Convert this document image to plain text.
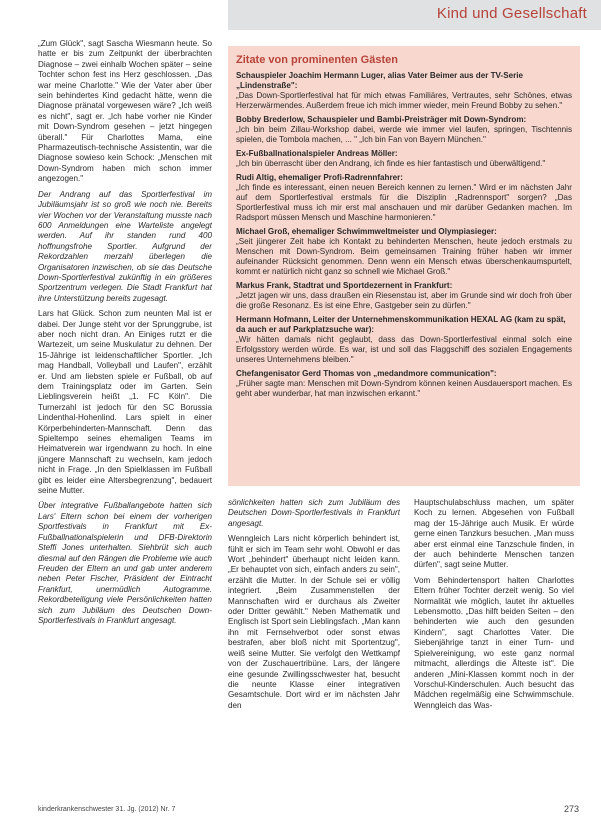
Kind und Gesellschaft

„Zum Glück", sagt Sascha Wiesmann heute. So hatte er bis zum Zeitpunkt der überbrachten Diagnose – zwei einhalb Wochen später – seine Tochter schon fest ins Herz geschlossen. „Das war meine Charlotte." Wie der Vater aber über sein behindertes Kind gedacht hätte, wenn die Diagnose pränatal vorgewesen wäre? „Ich weiß es nicht", sagt er. „Ich habe vorher nie Kinder mit Down-Syndrom gesehen – jetzt hingegen überall." Für Charlottes Mama, eine Pharmazeutisch-technische Assistentin, war die Diagnose sowieso kein Schock: „Menschen mit Down-Syndrom haben mich schon immer angezogen."

Der Andrang auf das Sportlerfestival im Jubiläumsjahr ist so groß wie noch nie. Bereits vier Wochen vor der Veranstaltung musste nach 600 Anmeldungen eine Warteliste angelegt werden. Auf ihr standen rund 400 hoffnungsfrohe Sportler. Aufgrund der Rekordzahlen merzahl überlegen die Organisatoren inzwischen, ob sie das Deutsche Down-Sportlerfestival zukünftig in ein größeres Sportzentrum verlegen. Die Stadt Frankfurt hat ihre Unterstützung bereits zugesagt.

Lars hat Glück. Schon zum neunten Mal ist er dabei. Der Junge steht vor der Sprunggrube, ist aber noch nicht dran. An Einiges rutzt er die Wartezeit, um seine Muskulatur zu dehnen. Der 15-Jährige ist leidenschaftlicher Sportler. „Ich mag Handball, Volleyball und Laufen", erzählt er. Und am liebsten spiele er Fußball, ob auf dem Trainingsplatz oder im Garten. Sein Lieblingsverein heißt „1. FC Köln". Die Turnerzahl ist jedoch für den SC Borussia Lindenthal-Hohenlind. Lars spielt in einer Körperbehinderten-Mannschaft. Denn das Spieltempo seines ehemaligen Teams im Heimatverein war irgendwann zu hoch. In eine jüngere Mannschaft zu wechseln, kam jedoch nicht in Frage. „In den Spielklassen im Fußball gibt es leider eine Altersbegrenzung", bedauert seine Mutter.

Über integrative Fußballangebote hatten sich Lars' Eltern schon bei einem der vorherigen Sportfestivals in Frankfurt mit Ex-Fußballnationalspielerin und DFB-Direktorin Steffi Jones unterhalten. Siehbrüt sich auch diesmal auf den Rängen die Probleme wie auch Freuden der Eltern an und gab unter anderem neben Peter Fischer, Präsident der Eintracht Frankfurt, unermüdlich Autogramme. Rekordbeteiligung viele Persönlichkeiten hatten sich zum Jubiläum des Deutschen Down-Sportlerfestivals in Frankfurt angesagt.

Zitate von prominenten Gästen
Schauspieler Joachim Hermann Luger, alias Vater Beimer aus der TV-Serie „Lindenstraße":
„Das Down-Sportlerfestival hat für mich etwas Familiäres, Vertrautes, sehr Schönes, etwas Herzerwärmendes. Außerdem freue ich mich immer wieder, mein Freund Bobby zu sehen."
Bobby Brederlow, Schauspieler und Bambi-Preisträger mit Down-Syndrom:
„Ich bin beim Zillau-Workshop dabei, werde wie immer viel laufen, springen, Tischtennis spielen, die Tombola machen, ... " „Ich bin Fan von Bayern München."
Ex-Fußballnationalspieler Andreas Möller:
„Ich bin überrascht über den Andrang, ich finde es hier fantastisch und überwältigend."
Rudi Altig, ehemaliger Profi-Radrennfahrer:
„Ich finde es interessant, einen neuen Bereich kennen zu lernen." Wird er im nächsten Jahr auf dem Sportlerfestival erstmals für die Disziplin „Radrennsport" sorgen? „Das Sportlerfestival muss ich mir erst mal anschauen und mir darüber Gedanken machen. Im Radsport müssen Mensch und Maschine harmonieren."
Michael Groß, ehemaliger Schwimmweltmeister und Olympiasieger:
„Seit jüngerer Zeit habe ich Kontakt zu behinderten Menschen, heute jedoch erstmals zu Menschen mit Down-Syndrom. Beim gemeinsamen Training früher haben wir immer aufeinander Rücksicht genommen. Denn wenn ein Mensch etwas überschenkaumspurtelt, kommt er natürlich nicht ganz so schnell wie Michael Groß."
Markus Frank, Stadtrat und Sportdezernent in Frankfurt:
„Jetzt jagen wir uns, dass draußen ein Riesenstau ist, aber im Grunde sind wir doch froh über die große Resonanz. Es ist eine Ehre, Gastgeber sein zu dürfen."
Hermann Hofmann, Leiter der Unternehmenskommunikation HEXAL AG (kam zu spät, da auch er auf Parkplatzsuche war):
„Wir hätten damals nicht geglaubt, dass das Down-Sportlerfestival einmal solch eine Erfolgsstory werden würde. Es war, ist und soll das Flaggschiff des sozialen Engagements unseres Unternehmens bleiben."
Chefangenisator Gerd Thomas von „medandmore communication":
„Früher sagte man: Menschen mit Down-Syndrom können keinen Ausdauersport machen. Es geht aber wunderbar, hat man inzwischen erkannt."

sönlichkeiten hatten sich zum Jubiläum des Deutschen Down-Sportlerfestivals in Frankfurt angesagt.

Wenngleich Lars nicht körperlich behindert ist, fühlt er sich im Team sehr wohl. Obwohl er das Wort „behindert" überhaupt nicht leiden kann. „Er behauptet von sich, einfach anders zu sein", erzählt die Mutter. In der Schule sei er völlig integriert. „Beim Zusammenstellen der Mannschaften wird er durchaus als Zweiter oder Dritter gewählt." Neben Mathematik und Englisch ist Sport sein Lieblingsfach. „Man kann ihn mit Fernsehverbot oder sonst etwas bestrafen, aber bloß nicht mit Sportentzug", weiß seine Mutter. Sie verfolgt den Wettkampf von der Zuschauertribüne. Lars, der längere eine gesunde Zwillingsschwester hat, besucht die neunte Klasse einer integrativen Gesamtschule. Dort wird er im nächsten Jahr den

Hauptschulabschluss machen, um später Koch zu lernen. Abgesehen von Fußball mag der 15-Jährige auch Musik. Er würde gerne einen Tanzkurs besuchen. „Man muss aber erst einmal eine Tanzschule finden, in der auch behinderte Menschen tanzen dürfen", sagt seine Mutter.

Vom Behindertensport halten Charlottes Eltern früher Tochter derzeit wenig. So viel Normalität wie möglich, lautet ihr aktuelles Lebensmotto. „Das hilft beiden Seiten – den behinderten wie auch den gesunden Kindern", sagt Charlottes Vater. Die Siebenjährige tanzt in einer Turn- und Spielvereinigung, wo este ganz normal mitmacht, allerdings die Älteste ist". Die anderen „Mini-Klassen kommt noch in der Vorschul-Kinderschulen. Auch besucht das Mädchen regelmäßig eine Schwimmschule. Wenngleich das Was-

kinderkrankenschwester 31. Jg. (2012) Nr. 7	273
